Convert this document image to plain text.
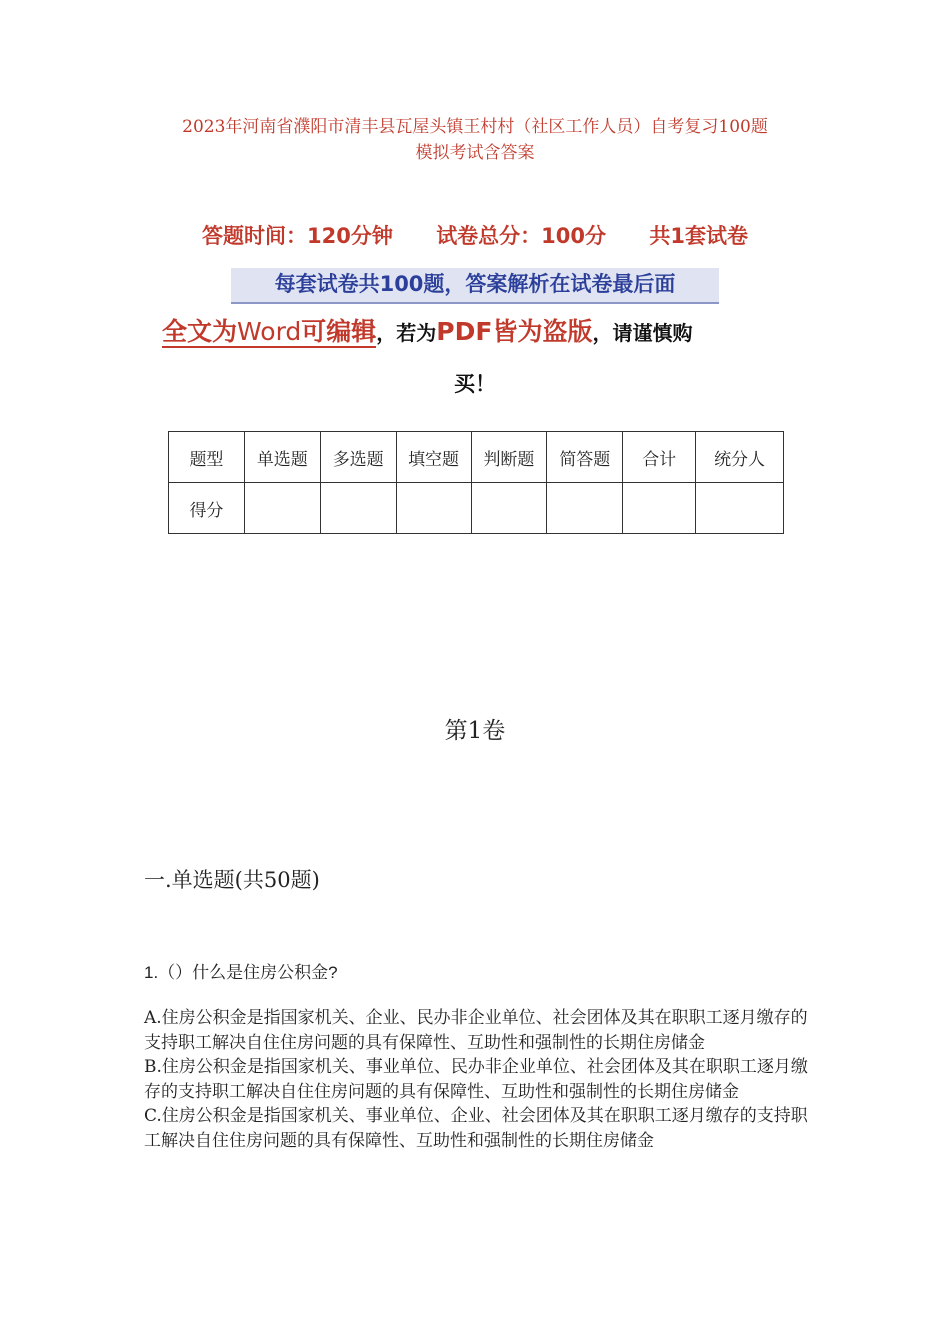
2023年河南省濮阳市清丰县瓦屋头镇王村村（社区工作人员）自考复习100题
模拟考试含答案
答题时间：120分钟 试卷总分：100分 共1套试卷
每套试卷共100题，答案解析在试卷最后面
全文为Word可编辑，若为PDF皆为盗版，请谨慎购
买！
题型	单选题	多选题	填空题	判断题	简答题	合计	统分人
得分							
第1卷
一.单选题(共50题)
1.（）什么是住房公积金?

A.住房公积金是指国家机关、企业、民办非企业单位、社会团体及其在职职工逐月缴存的支持职工解决自住住房问题的具有保障性、互助性和强制性的长期住房储金

B.住房公积金是指国家机关、事业单位、民办非企业单位、社会团体及其在职职工逐月缴存的支持职工解决自住住房问题的具有保障性、互助性和强制性的长期住房储金

C.住房公积金是指国家机关、事业单位、企业、社会团体及其在职职工逐月缴存的支持职工解决自住住房问题的具有保障性、互助性和强制性的长期住房储金
